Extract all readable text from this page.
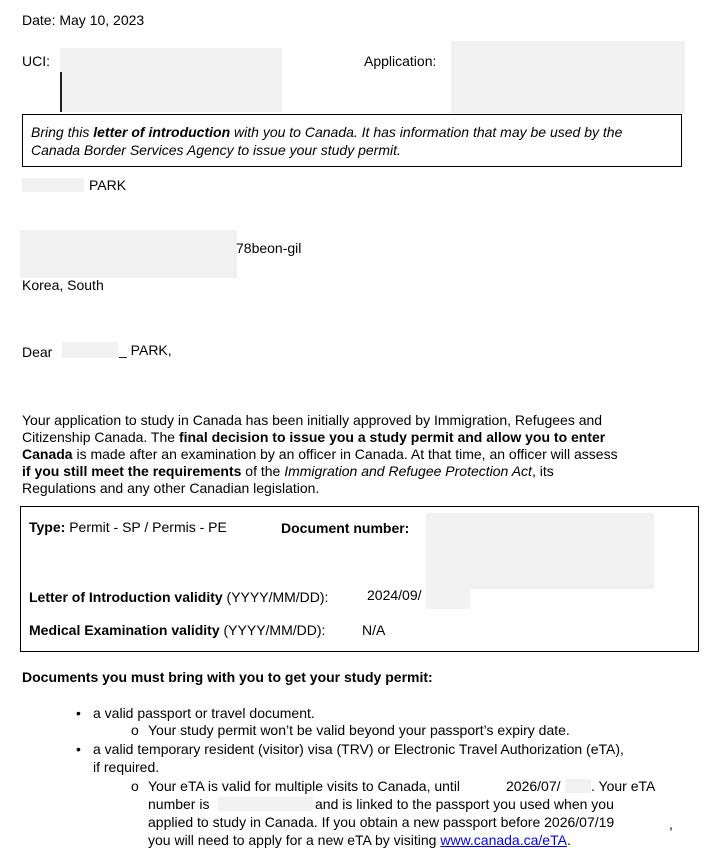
Date: May 10, 2023
UCI:	Application:
Bring this letter of introduction with you to Canada. It has information that may be used by the
Canada Border Services Agency to issue your study permit.
PARK
78beon-gil
Korea, South
Dear	_ PARK,
Your application to study in Canada has been initially approved by Immigration, Refugees and
Citizenship Canada. The final decision to issue you a study permit and allow you to enter
Canada is made after an examination by an officer in Canada. At that time, an officer will assess
if you still meet the requirements of the Immigration and Refugee Protection Act, its
Regulations and any other Canadian legislation.
Type: Permit - SP / Permis - PE	Document number:
Letter of Introduction validity (YYYY/MM/DD):	2024/09/
Medical Examination validity (YYYY/MM/DD):	N/A
Documents you must bring with you to get your study permit:
• a valid passport or travel document.
o Your study permit won’t be valid beyond your passport’s expiry date.
• a valid temporary resident (visitor) visa (TRV) or Electronic Travel Authorization (eTA),
if required.
o Your eTA is valid for multiple visits to Canada, until	2026/07/ . Your eTA
number is	and is linked to the passport you used when you
applied to study in Canada. If you obtain a new passport before 2026/07/19	,
you will need to apply for a new eTA by visiting www.canada.ca/eTA.
